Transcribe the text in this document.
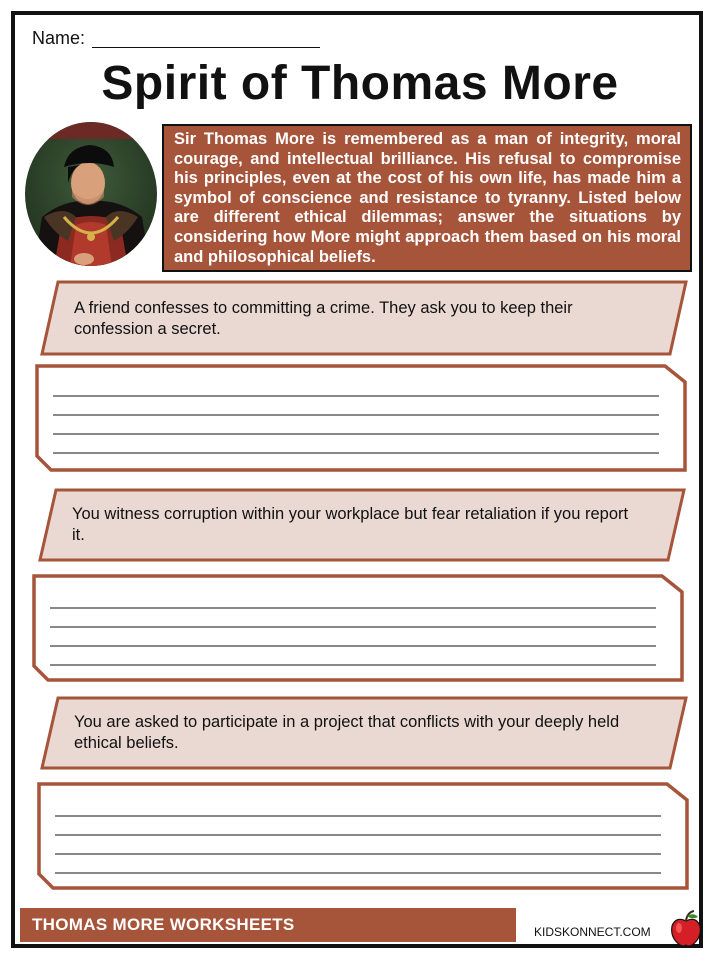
Name:
Spirit of Thomas More
Sir Thomas More is remembered as a man of integrity, moral courage, and intellectual brilliance. His refusal to compromise his principles, even at the cost of his own life, has made him a symbol of conscience and resistance to tyranny. Listed below are different ethical dilemmas; answer the situations by considering how More might approach them based on his moral and philosophical beliefs.
A friend confesses to committing a crime. They ask you to keep their confession a secret.
You witness corruption within your workplace but fear retaliation if you report it.
You are asked to participate in a project that conflicts with your deeply held ethical beliefs.
THOMAS MORE WORKSHEETS	KIDSKONNECT.COM
